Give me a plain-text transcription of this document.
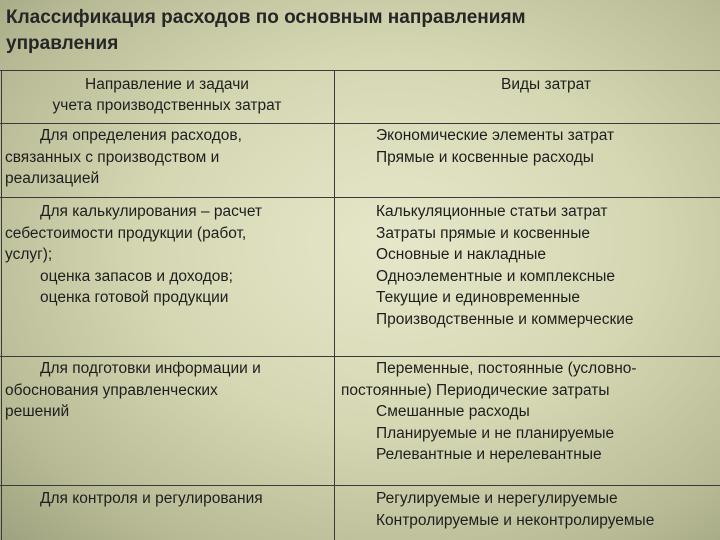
Классификация расходов по основным направлениям
управления
Направление и задачи
учета производственных затрат
Виды затрат
Для определения расходов,
связанных с производством и
реализацией
Экономические элементы затрат
Прямые и косвенные расходы
Для калькулирования – расчет
себестоимости продукции (работ,
услуг);
оценка запасов и доходов;
оценка готовой продукции
Калькуляционные статьи затрат
Затраты прямые и косвенные
Основные и накладные
Одноэлементные и комплексные
Текущие и единовременные
Производственные и коммерческие
Для подготовки информации и
обоснования управленческих
решений
Переменные, постоянные (условно-
постоянные) Периодические затраты
Смешанные расходы
Планируемые и не планируемые
Релевантные и нерелевантные
Для контроля и регулирования	Регулируемые и нерегулируемые
Контролируемые и неконтролируемые
